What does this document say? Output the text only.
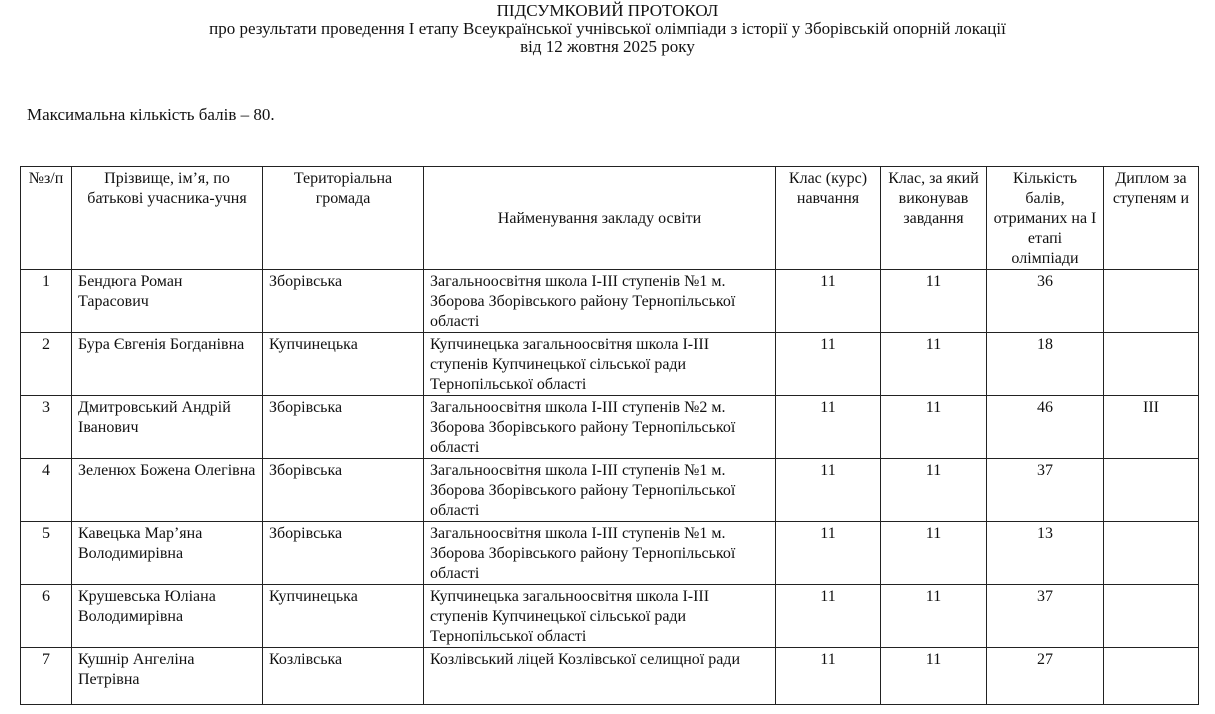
ПІДСУМКОВИЙ ПРОТОКОЛ
про результати проведення І етапу Всеукраїнської учнівської олімпіади з історії у Зборівській опорній локації
від 12 жовтня 2025 року
Максимальна кількість балів – 80.
№з/п	Прізвище, ім’я, по батькові учасника-учня	Територіальна громада	Найменування закладу освіти	Клас (курс) навчання	Клас, за який виконував завдання	Кількість балів, отриманих на І етапі олімпіади	Диплом за ступеням и
1	Бендюга Роман Тарасович	Зборівська	Загальноосвітня школа І-ІІІ ступенів №1 м. Зборова Зборівського району Тернопільської області	11	11	36	
2	Бура Євгенія Богданівна	Купчинецька	Купчинецька загальноосвітня школа І-ІІІ ступенів Купчинецької сільської ради Тернопільської області	11	11	18	
3	Дмитровський Андрій Іванович	Зборівська	Загальноосвітня школа І-ІІІ ступенів №2 м. Зборова Зборівського району Тернопільської області	11	11	46	ІІІ
4	Зеленюх Божена Олегівна	Зборівська	Загальноосвітня школа І-ІІІ ступенів №1 м. Зборова Зборівського району Тернопільської області	11	11	37	
5	Кавецька Мар’яна Володимирівна	Зборівська	Загальноосвітня школа І-ІІІ ступенів №1 м. Зборова Зборівського району Тернопільської області	11	11	13	
6	Крушевська Юліана Володимирівна	Купчинецька	Купчинецька загальноосвітня школа І-ІІІ ступенів Купчинецької сільської ради Тернопільської області	11	11	37	
7	Кушнір Ангеліна Петрівна	Козлівська	Козлівський ліцей Козлівської селищної ради	11	11	27	
